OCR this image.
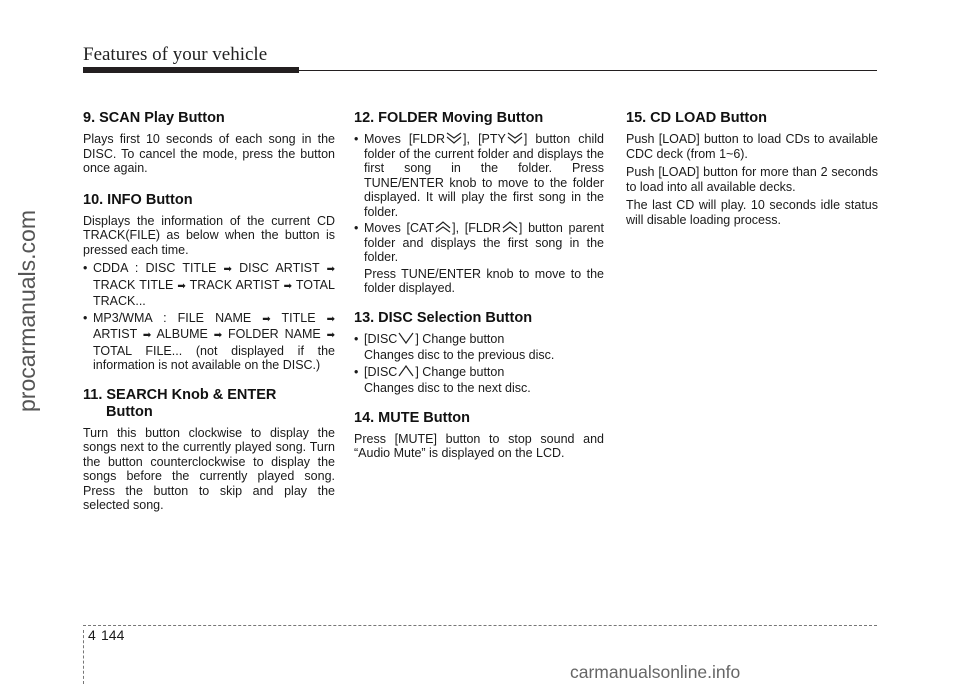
Features of your vehicle
procarmanuals.com
9. SCAN Play Button

Plays first 10 seconds of each song in the DISC. To cancel the mode, press the button once again.

10. INFO Button

Displays the information of the current CD TRACK(FILE) as below when the button is pressed each time.

• CDDA : DISC TITLE ➡ DISC ARTIST ➡ TRACK TITLE ➡ TRACK ARTIST ➡ TOTAL TRACK...
• MP3/WMA : FILE NAME ➡ TITLE ➡ ARTIST ➡ ALBUME ➡ FOLDER NAME ➡ TOTAL FILE... (not displayed if the information is not available on the DISC.)
11. SEARCH Knob & ENTER
Button

Turn this button clockwise to display the songs next to the currently played song. Turn the button counterclockwise to display the songs before the currently played song. Press the button to skip and play the selected song.

12. FOLDER Moving Button
• Moves [FLDR ], [PTY ] button child folder of the current folder and displays the first song in the folder. Press TUNE/ENTER knob to move to the folder displayed. It will play the first song in the folder.
• Moves [CAT ], [FLDR ] button parent folder and displays the first song in the folder.
Press TUNE/ENTER knob to move to the folder displayed.
13. DISC Selection Button
• [DISC ] Change button
Changes disc to the previous disc.
• [DISC ] Change button
Changes disc to the next disc.
14. MUTE Button

Press [MUTE] button to stop sound and “Audio Mute” is displayed on the LCD.

15. CD LOAD Button

Push [LOAD] button to load CDs to available CDC deck (from 1~6).

Push [LOAD] button for more than 2 seconds to load into all available decks.

The last CD will play. 10 seconds idle status will disable loading process.

4 144
carmanualsonline.info
